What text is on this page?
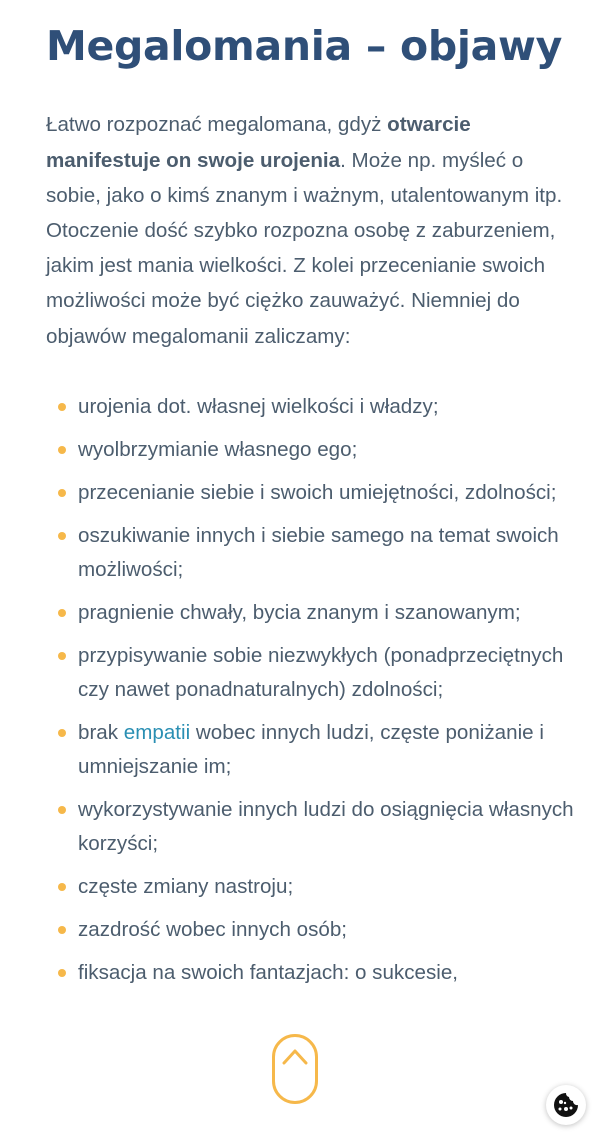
Megalomania – objawy

Łatwo rozpoznać megalomana, gdyż otwarcie manifestuje on swoje urojenia. Może np. myśleć o sobie, jako o kimś znanym i ważnym, utalentowanym itp. Otoczenie dość szybko rozpozna osobę z zaburzeniem, jakim jest mania wielkości. Z kolei przecenianie swoich możliwości może być ciężko zauważyć. Niemniej do objawów megalomanii zaliczamy:

urojenia dot. własnej wielkości i władzy;
wyolbrzymianie własnego ego;
przecenianie siebie i swoich umiejętności, zdolności;
oszukiwanie innych i siebie samego na temat swoich możliwości;
pragnienie chwały, bycia znanym i szanowanym;
przypisywanie sobie niezwykłych (ponadprzeciętnych czy nawet ponadnaturalnych) zdolności;
brak empatii wobec innych ludzi, częste poniżanie i umniejszanie im;
wykorzystywanie innych ludzi do osiągnięcia własnych korzyści;
częste zmiany nastroju;
zazdrość wobec innych osób;
fiksacja na swoich fantazjach: o sukcesie,
